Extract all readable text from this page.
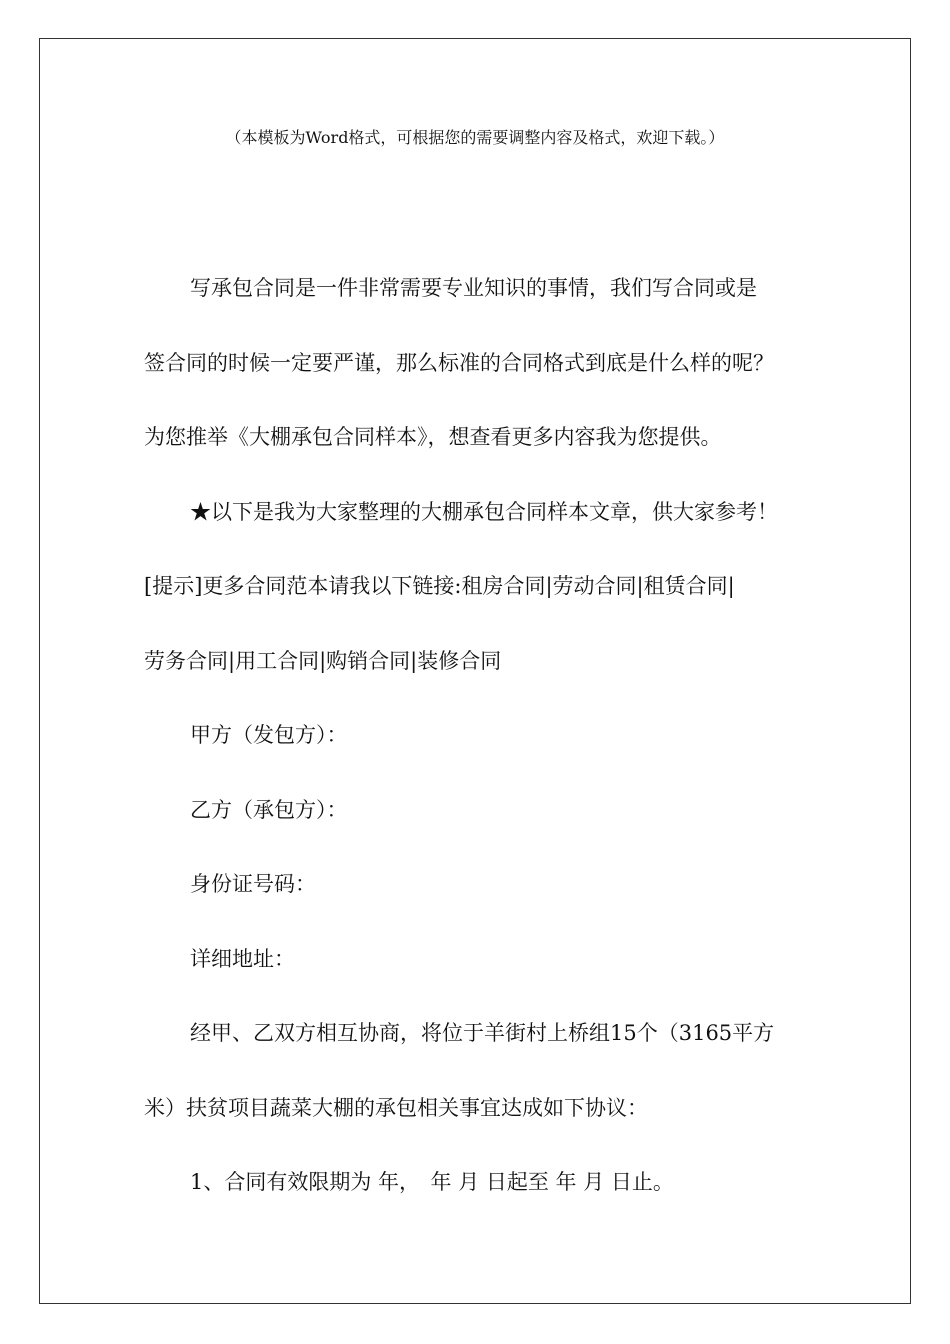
（本模板为Word格式，可根据您的需要调整内容及格式，欢迎下载。）
写承包合同是一件非常需要专业知识的事情，我们写合同或是
签合同的时候一定要严谨，那么标准的合同格式到底是什么样的呢？
为您推举《大棚承包合同样本》，想查看更多内容我为您提供。
★以下是我为大家整理的大棚承包合同样本文章，供大家参考！
[提示]更多合同范本请我以下链接:租房合同|劳动合同|租赁合同|
劳务合同|用工合同|购销合同|装修合同
甲方（发包方）：
乙方（承包方）：
身份证号码：
详细地址：
经甲、乙双方相互协商，将位于羊街村上桥组15个（3165平方
米）扶贫项目蔬菜大棚的承包相关事宜达成如下协议：
1、合同有效限期为 年，　年 月 日起至 年 月 日止。
